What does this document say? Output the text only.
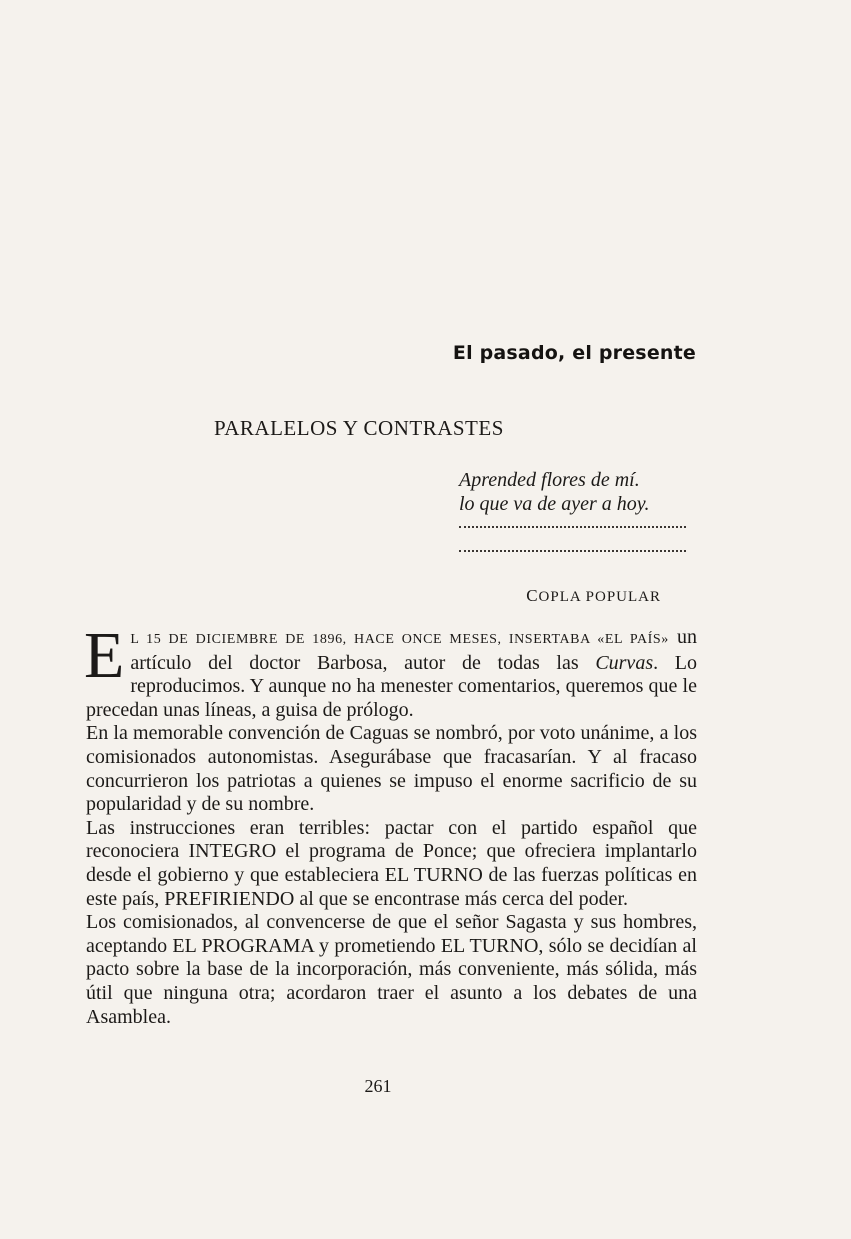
El pasado, el presente
PARALELOS Y CONTRASTES
Aprended flores de mí.
lo que va de ayer a hoy.
COPLA POPULAR

E L 15 DE DICIEMBRE DE 1896, HACE ONCE MESES, INSERTABA «EL PAÍS» un artículo del doctor Barbosa, autor de todas las Curvas. Lo reproducimos. Y aunque no ha menester comentarios, queremos que le precedan unas líneas, a guisa de prólogo.

En la memorable convención de Caguas se nombró, por voto unánime, a los comisionados autonomistas. Asegurábase que fracasarían. Y al fracaso concurrieron los patriotas a quienes se impuso el enorme sacrificio de su popularidad y de su nombre.

Las instrucciones eran terribles: pactar con el partido español que reconociera INTEGRO el programa de Ponce; que ofreciera implantarlo desde el gobierno y que estableciera EL TURNO de las fuerzas políticas en este país, PREFIRIENDO al que se encontrase más cerca del poder.

Los comisionados, al convencerse de que el señor Sagasta y sus hombres, aceptando EL PROGRAMA y prometiendo EL TURNO, sólo se decidían al pacto sobre la base de la incorporación, más conveniente, más sólida, más útil que ninguna otra; acordaron traer el asunto a los debates de una Asamblea.

261
